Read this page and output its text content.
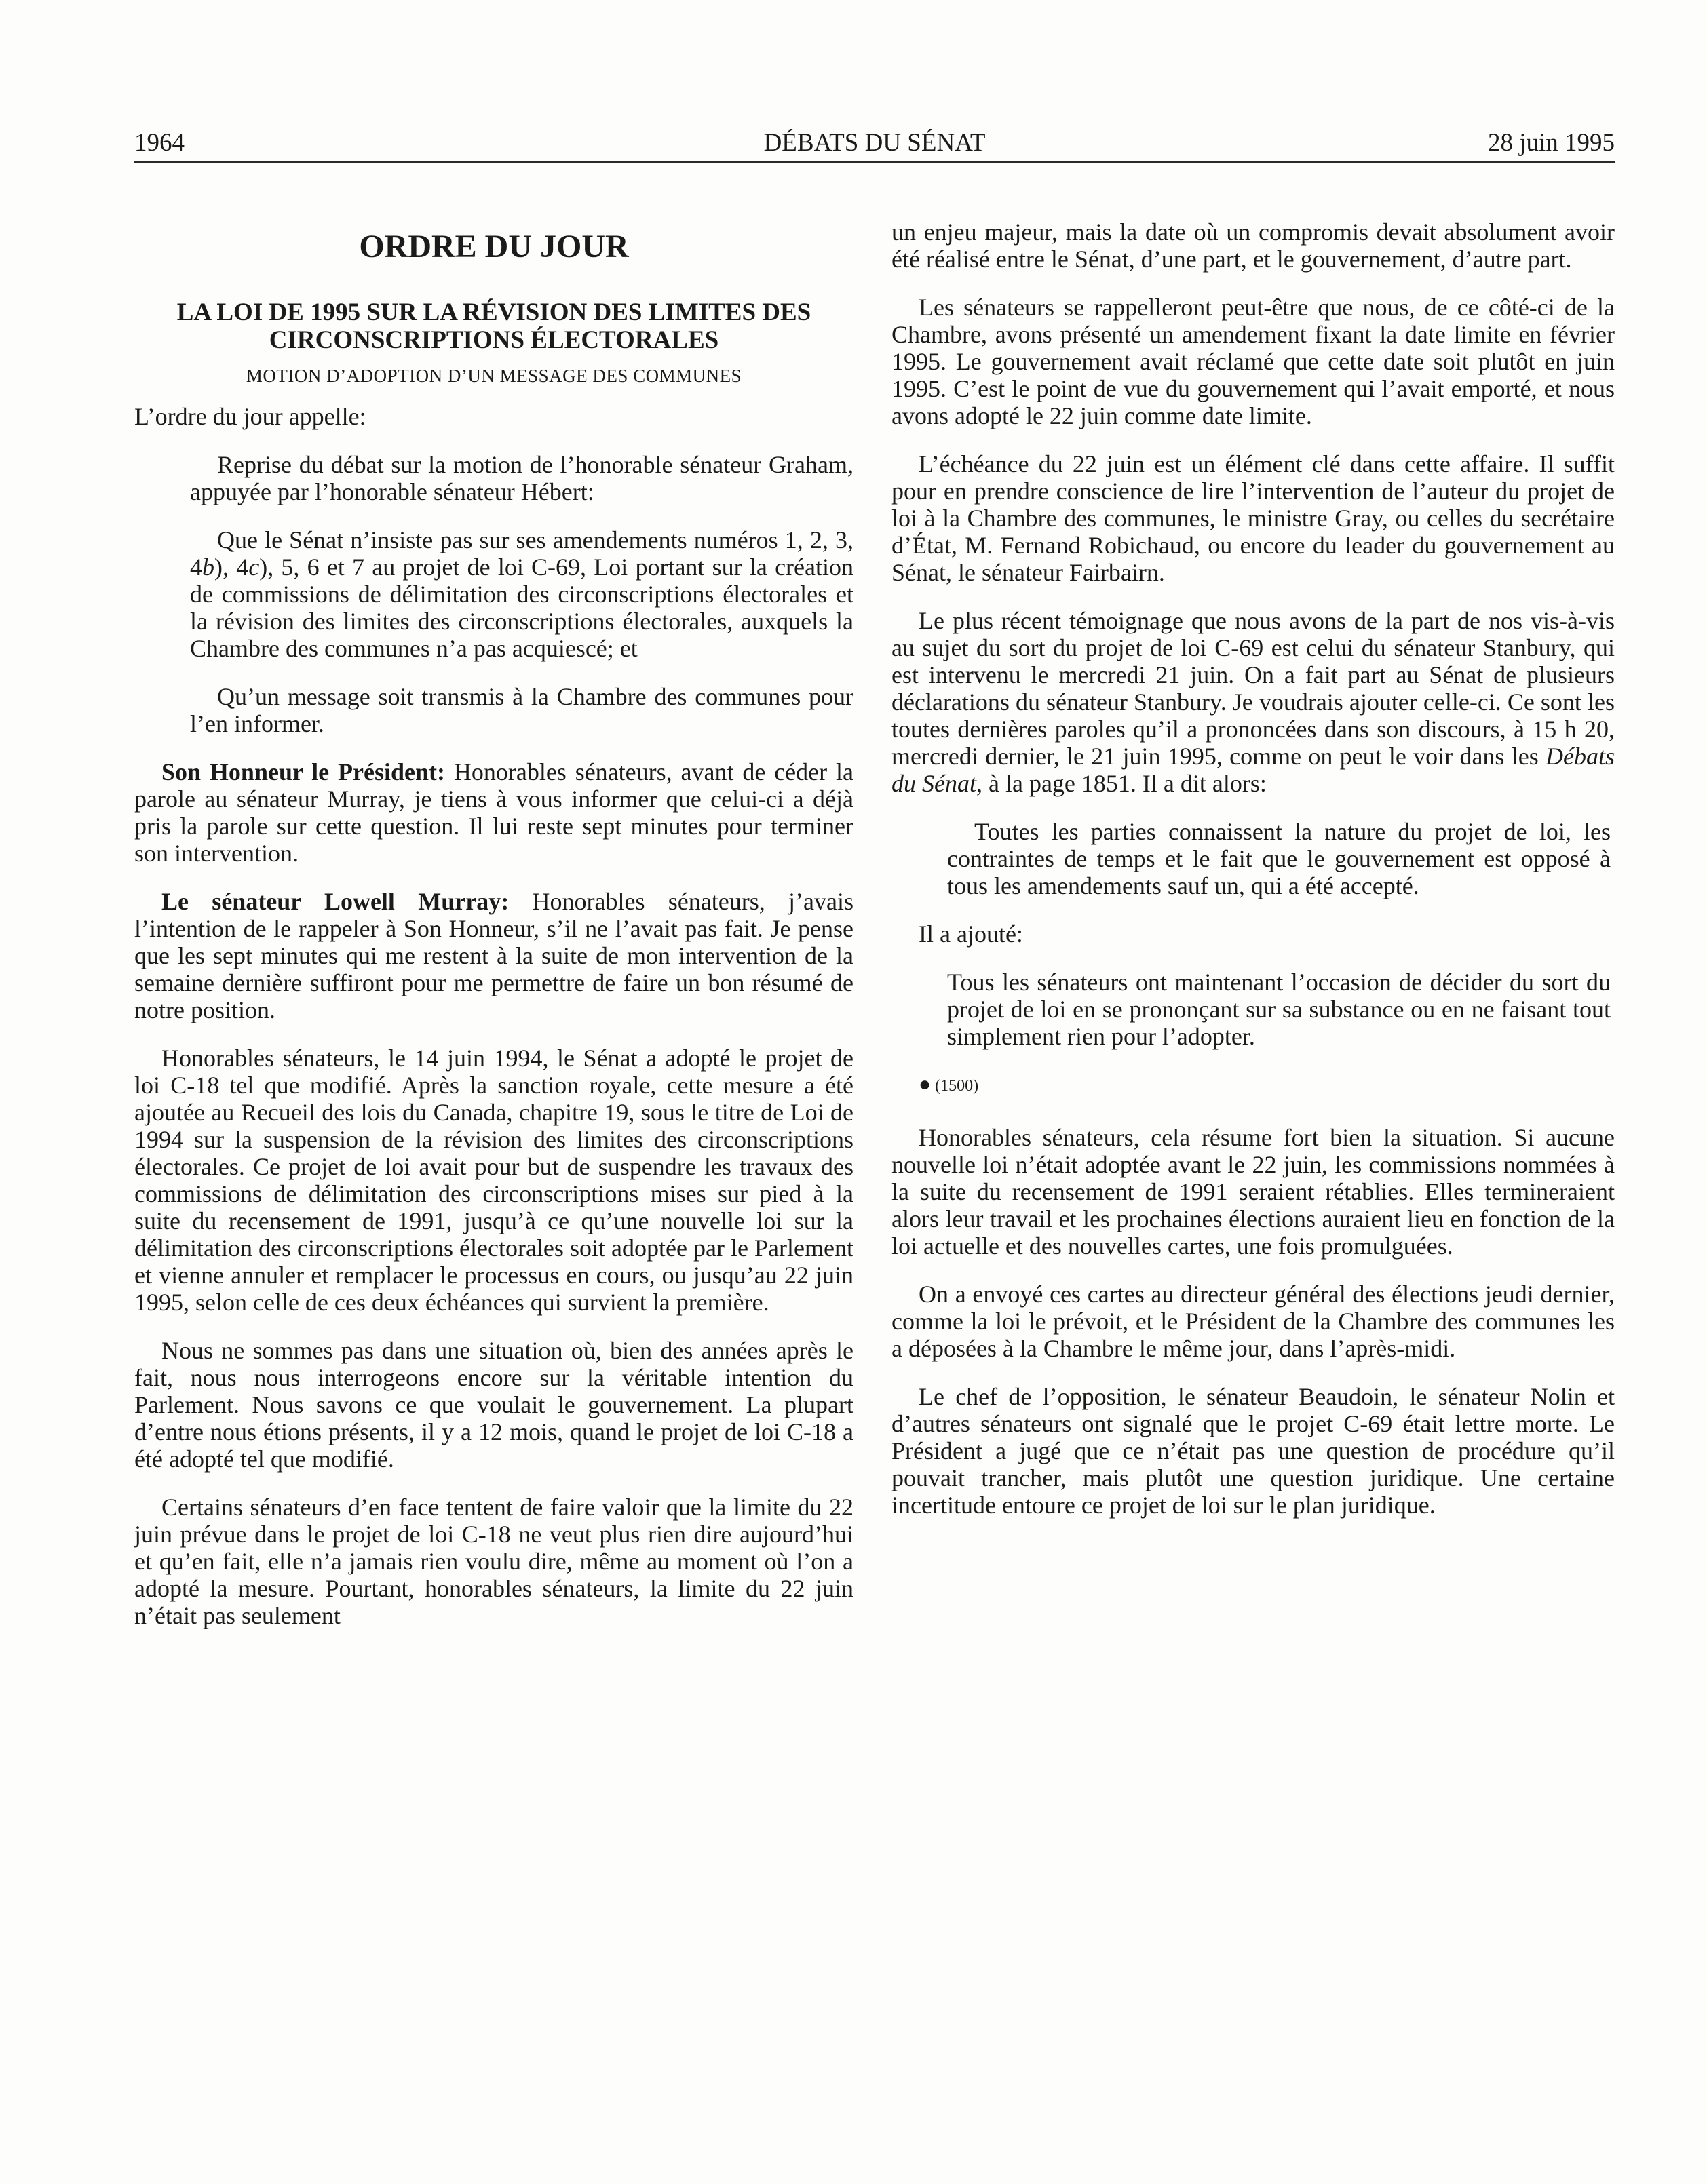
1964	DÉBATS DU SÉNAT	28 juin 1995
ORDRE DU JOUR
LA LOI DE 1995 SUR LA RÉVISION DES LIMITES DES CIRCONSCRIPTIONS ÉLECTORALES
MOTION D’ADOPTION D’UN MESSAGE DES COMMUNES

L’ordre du jour appelle:

Reprise du débat sur la motion de l’honorable sénateur Graham, appuyée par l’honorable sénateur Hébert:

Que le Sénat n’insiste pas sur ses amendements numéros 1, 2, 3, 4b), 4c), 5, 6 et 7 au projet de loi C-69, Loi portant sur la création de commissions de délimitation des circonscriptions électorales et la révision des limites des circonscriptions électorales, auxquels la Chambre des communes n’a pas acquiescé; et

Qu’un message soit transmis à la Chambre des communes pour l’en informer.

Son Honneur le Président: Honorables sénateurs, avant de céder la parole au sénateur Murray, je tiens à vous informer que celui-ci a déjà pris la parole sur cette question. Il lui reste sept minutes pour terminer son intervention.

Le sénateur Lowell Murray: Honorables sénateurs, j’avais l’intention de le rappeler à Son Honneur, s’il ne l’avait pas fait. Je pense que les sept minutes qui me restent à la suite de mon intervention de la semaine dernière suffiront pour me permettre de faire un bon résumé de notre position.

Honorables sénateurs, le 14 juin 1994, le Sénat a adopté le projet de loi C-18 tel que modifié. Après la sanction royale, cette mesure a été ajoutée au Recueil des lois du Canada, chapitre 19, sous le titre de Loi de 1994 sur la suspension de la révision des limites des circonscriptions électorales. Ce projet de loi avait pour but de suspendre les travaux des commissions de délimitation des circonscriptions mises sur pied à la suite du recensement de 1991, jusqu’à ce qu’une nouvelle loi sur la délimitation des circonscriptions électorales soit adoptée par le Parlement et vienne annuler et remplacer le processus en cours, ou jusqu’au 22 juin 1995, selon celle de ces deux échéances qui survient la première.

Nous ne sommes pas dans une situation où, bien des années après le fait, nous nous interrogeons encore sur la véritable intention du Parlement. Nous savons ce que voulait le gouvernement. La plupart d’entre nous étions présents, il y a 12 mois, quand le projet de loi C-18 a été adopté tel que modifié.

Certains sénateurs d’en face tentent de faire valoir que la limite du 22 juin prévue dans le projet de loi C-18 ne veut plus rien dire aujourd’hui et qu’en fait, elle n’a jamais rien voulu dire, même au moment où l’on a adopté la mesure. Pourtant, honorables sénateurs, la limite du 22 juin n’était pas seulement

un enjeu majeur, mais la date où un compromis devait absolument avoir été réalisé entre le Sénat, d’une part, et le gouvernement, d’autre part.

Les sénateurs se rappelleront peut-être que nous, de ce côté-ci de la Chambre, avons présenté un amendement fixant la date limite en février 1995. Le gouvernement avait réclamé que cette date soit plutôt en juin 1995. C’est le point de vue du gouvernement qui l’avait emporté, et nous avons adopté le 22 juin comme date limite.

L’échéance du 22 juin est un élément clé dans cette affaire. Il suffit pour en prendre conscience de lire l’intervention de l’auteur du projet de loi à la Chambre des communes, le ministre Gray, ou celles du secrétaire d’État, M. Fernand Robichaud, ou encore du leader du gouvernement au Sénat, le sénateur Fairbairn.

Le plus récent témoignage que nous avons de la part de nos vis-à-vis au sujet du sort du projet de loi C-69 est celui du sénateur Stanbury, qui est intervenu le mercredi 21 juin. On a fait part au Sénat de plusieurs déclarations du sénateur Stanbury. Je voudrais ajouter celle-ci. Ce sont les toutes dernières paroles qu’il a prononcées dans son discours, à 15 h 20, mercredi dernier, le 21 juin 1995, comme on peut le voir dans les Débats du Sénat, à la page 1851. Il a dit alors:

Toutes les parties connaissent la nature du projet de loi, les contraintes de temps et le fait que le gouvernement est opposé à tous les amendements sauf un, qui a été accepté.

Il a ajouté:

Tous les sénateurs ont maintenant l’occasion de décider du sort du projet de loi en se prononçant sur sa substance ou en ne faisant tout simplement rien pour l’adopter.

● (1500)

Honorables sénateurs, cela résume fort bien la situation. Si aucune nouvelle loi n’était adoptée avant le 22 juin, les commissions nommées à la suite du recensement de 1991 seraient rétablies. Elles termineraient alors leur travail et les prochaines élections auraient lieu en fonction de la loi actuelle et des nouvelles cartes, une fois promulguées.

On a envoyé ces cartes au directeur général des élections jeudi dernier, comme la loi le prévoit, et le Président de la Chambre des communes les a déposées à la Chambre le même jour, dans l’après-midi.

Le chef de l’opposition, le sénateur Beaudoin, le sénateur Nolin et d’autres sénateurs ont signalé que le projet C-69 était lettre morte. Le Président a jugé que ce n’était pas une question de procédure qu’il pouvait trancher, mais plutôt une question juridique. Une certaine incertitude entoure ce projet de loi sur le plan juridique.
